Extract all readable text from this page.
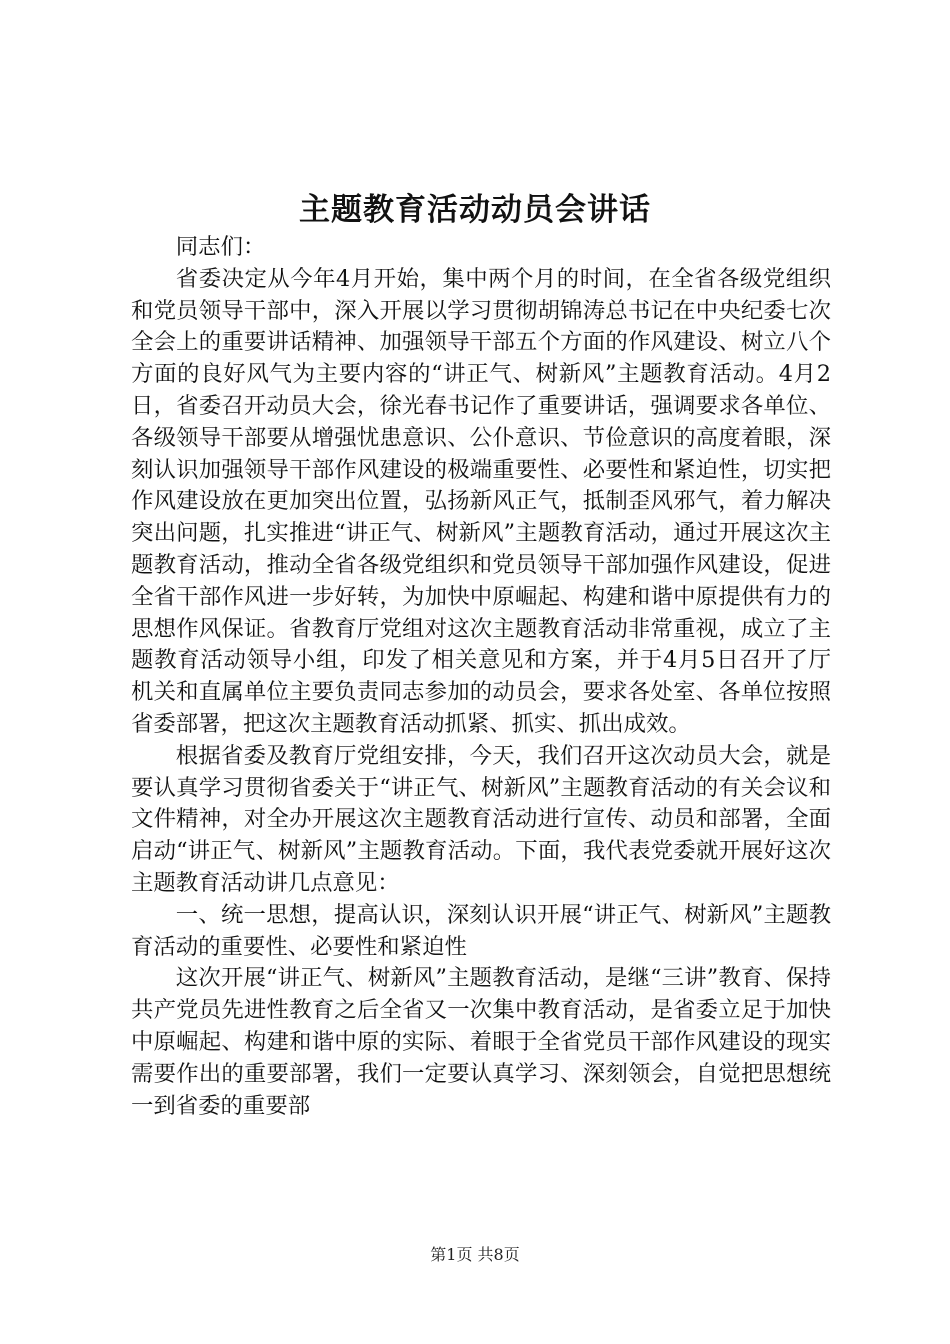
主题教育活动动员会讲话

同志们：

省委决定从今年4月开始，集中两个月的时间，在全省各级党组织和党员领导干部中，深入开展以学习贯彻胡锦涛总书记在中央纪委七次全会上的重要讲话精神、加强领导干部五个方面的作风建设、树立八个方面的良好风气为主要内容的“讲正气、树新风”主题教育活动。4月2日，省委召开动员大会，徐光春书记作了重要讲话，强调要求各单位、各级领导干部要从增强忧患意识、公仆意识、节俭意识的高度着眼，深刻认识加强领导干部作风建设的极端重要性、必要性和紧迫性，切实把作风建设放在更加突出位置，弘扬新风正气，抵制歪风邪气，着力解决突出问题，扎实推进“讲正气、树新风”主题教育活动，通过开展这次主题教育活动，推动全省各级党组织和党员领导干部加强作风建设，促进全省干部作风进一步好转，为加快中原崛起、构建和谐中原提供有力的思想作风保证。省教育厅党组对这次主题教育活动非常重视，成立了主题教育活动领导小组，印发了相关意见和方案，并于4月5日召开了厅机关和直属单位主要负责同志参加的动员会，要求各处室、各单位按照省委部署，把这次主题教育活动抓紧、抓实、抓出成效。

根据省委及教育厅党组安排，今天，我们召开这次动员大会，就是要认真学习贯彻省委关于“讲正气、树新风”主题教育活动的有关会议和文件精神，对全办开展这次主题教育活动进行宣传、动员和部署，全面启动“讲正气、树新风”主题教育活动。下面，我代表党委就开展好这次主题教育活动讲几点意见：

一、统一思想，提高认识，深刻认识开展“讲正气、树新风”主题教育活动的重要性、必要性和紧迫性

这次开展“讲正气、树新风”主题教育活动，是继“三讲”教育、保持共产党员先进性教育之后全省又一次集中教育活动，是省委立足于加快中原崛起、构建和谐中原的实际、着眼于全省党员干部作风建设的现实需要作出的重要部署，我们一定要认真学习、深刻领会，自觉把思想统一到省委的重要部

第1页 共8页
